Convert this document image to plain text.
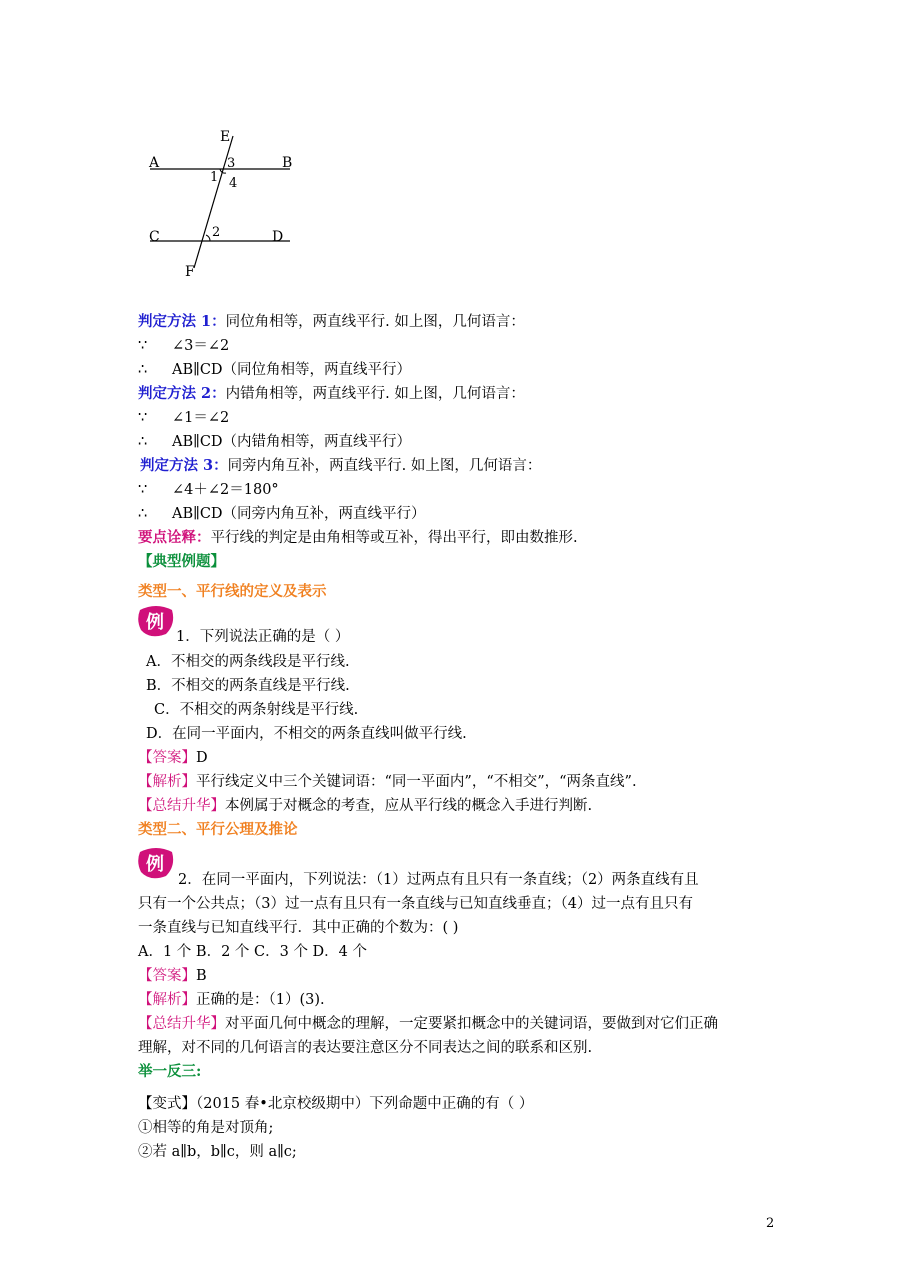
E
A	B
3
1 4
C	2	D
F
判定方法 1：同位角相等，两直线平行. 如上图，几何语言：
∵ ∠3＝∠2
∴ AB∥CD（同位角相等，两直线平行）
判定方法 2：内错角相等，两直线平行. 如上图，几何语言：
∵ ∠1＝∠2
∴ AB∥CD（内错角相等，两直线平行）
判定方法 3：同旁内角互补，两直线平行. 如上图，几何语言：
∵ ∠4＋∠2＝180°
∴ AB∥CD（同旁内角互补，两直线平行）
要点诠释：平行线的判定是由角相等或互补，得出平行，即由数推形.
【典型例题】
类型一、平行线的定义及表示
例
1．下列说法正确的是（ ）
A．不相交的两条线段是平行线.
B．不相交的两条直线是平行线.
C．不相交的两条射线是平行线.
D．在同一平面内，不相交的两条直线叫做平行线.
【答案】D
【解析】平行线定义中三个关键词语：“同一平面内”，“不相交”，“两条直线”.
【总结升华】本例属于对概念的考查，应从平行线的概念入手进行判断.
类型二、平行公理及推论
例
2．在同一平面内，下列说法：（1）过两点有且只有一条直线；（2）两条直线有且
只有一个公共点；（3）过一点有且只有一条直线与已知直线垂直；（4）过一点有且只有
一条直线与已知直线平行．其中正确的个数为：( )
A．1 个 B．2 个 C．3 个 D．4 个
【答案】B
【解析】正确的是：（1）(3).
【总结升华】对平面几何中概念的理解，一定要紧扣概念中的关键词语，要做到对它们正确
理解，对不同的几何语言的表达要注意区分不同表达之间的联系和区别.
举一反三:
【变式】（2015 春•北京校级期中）下列命题中正确的有（ ）
①相等的角是对顶角;
②若 a∥b，b∥c，则 a∥c;
2
